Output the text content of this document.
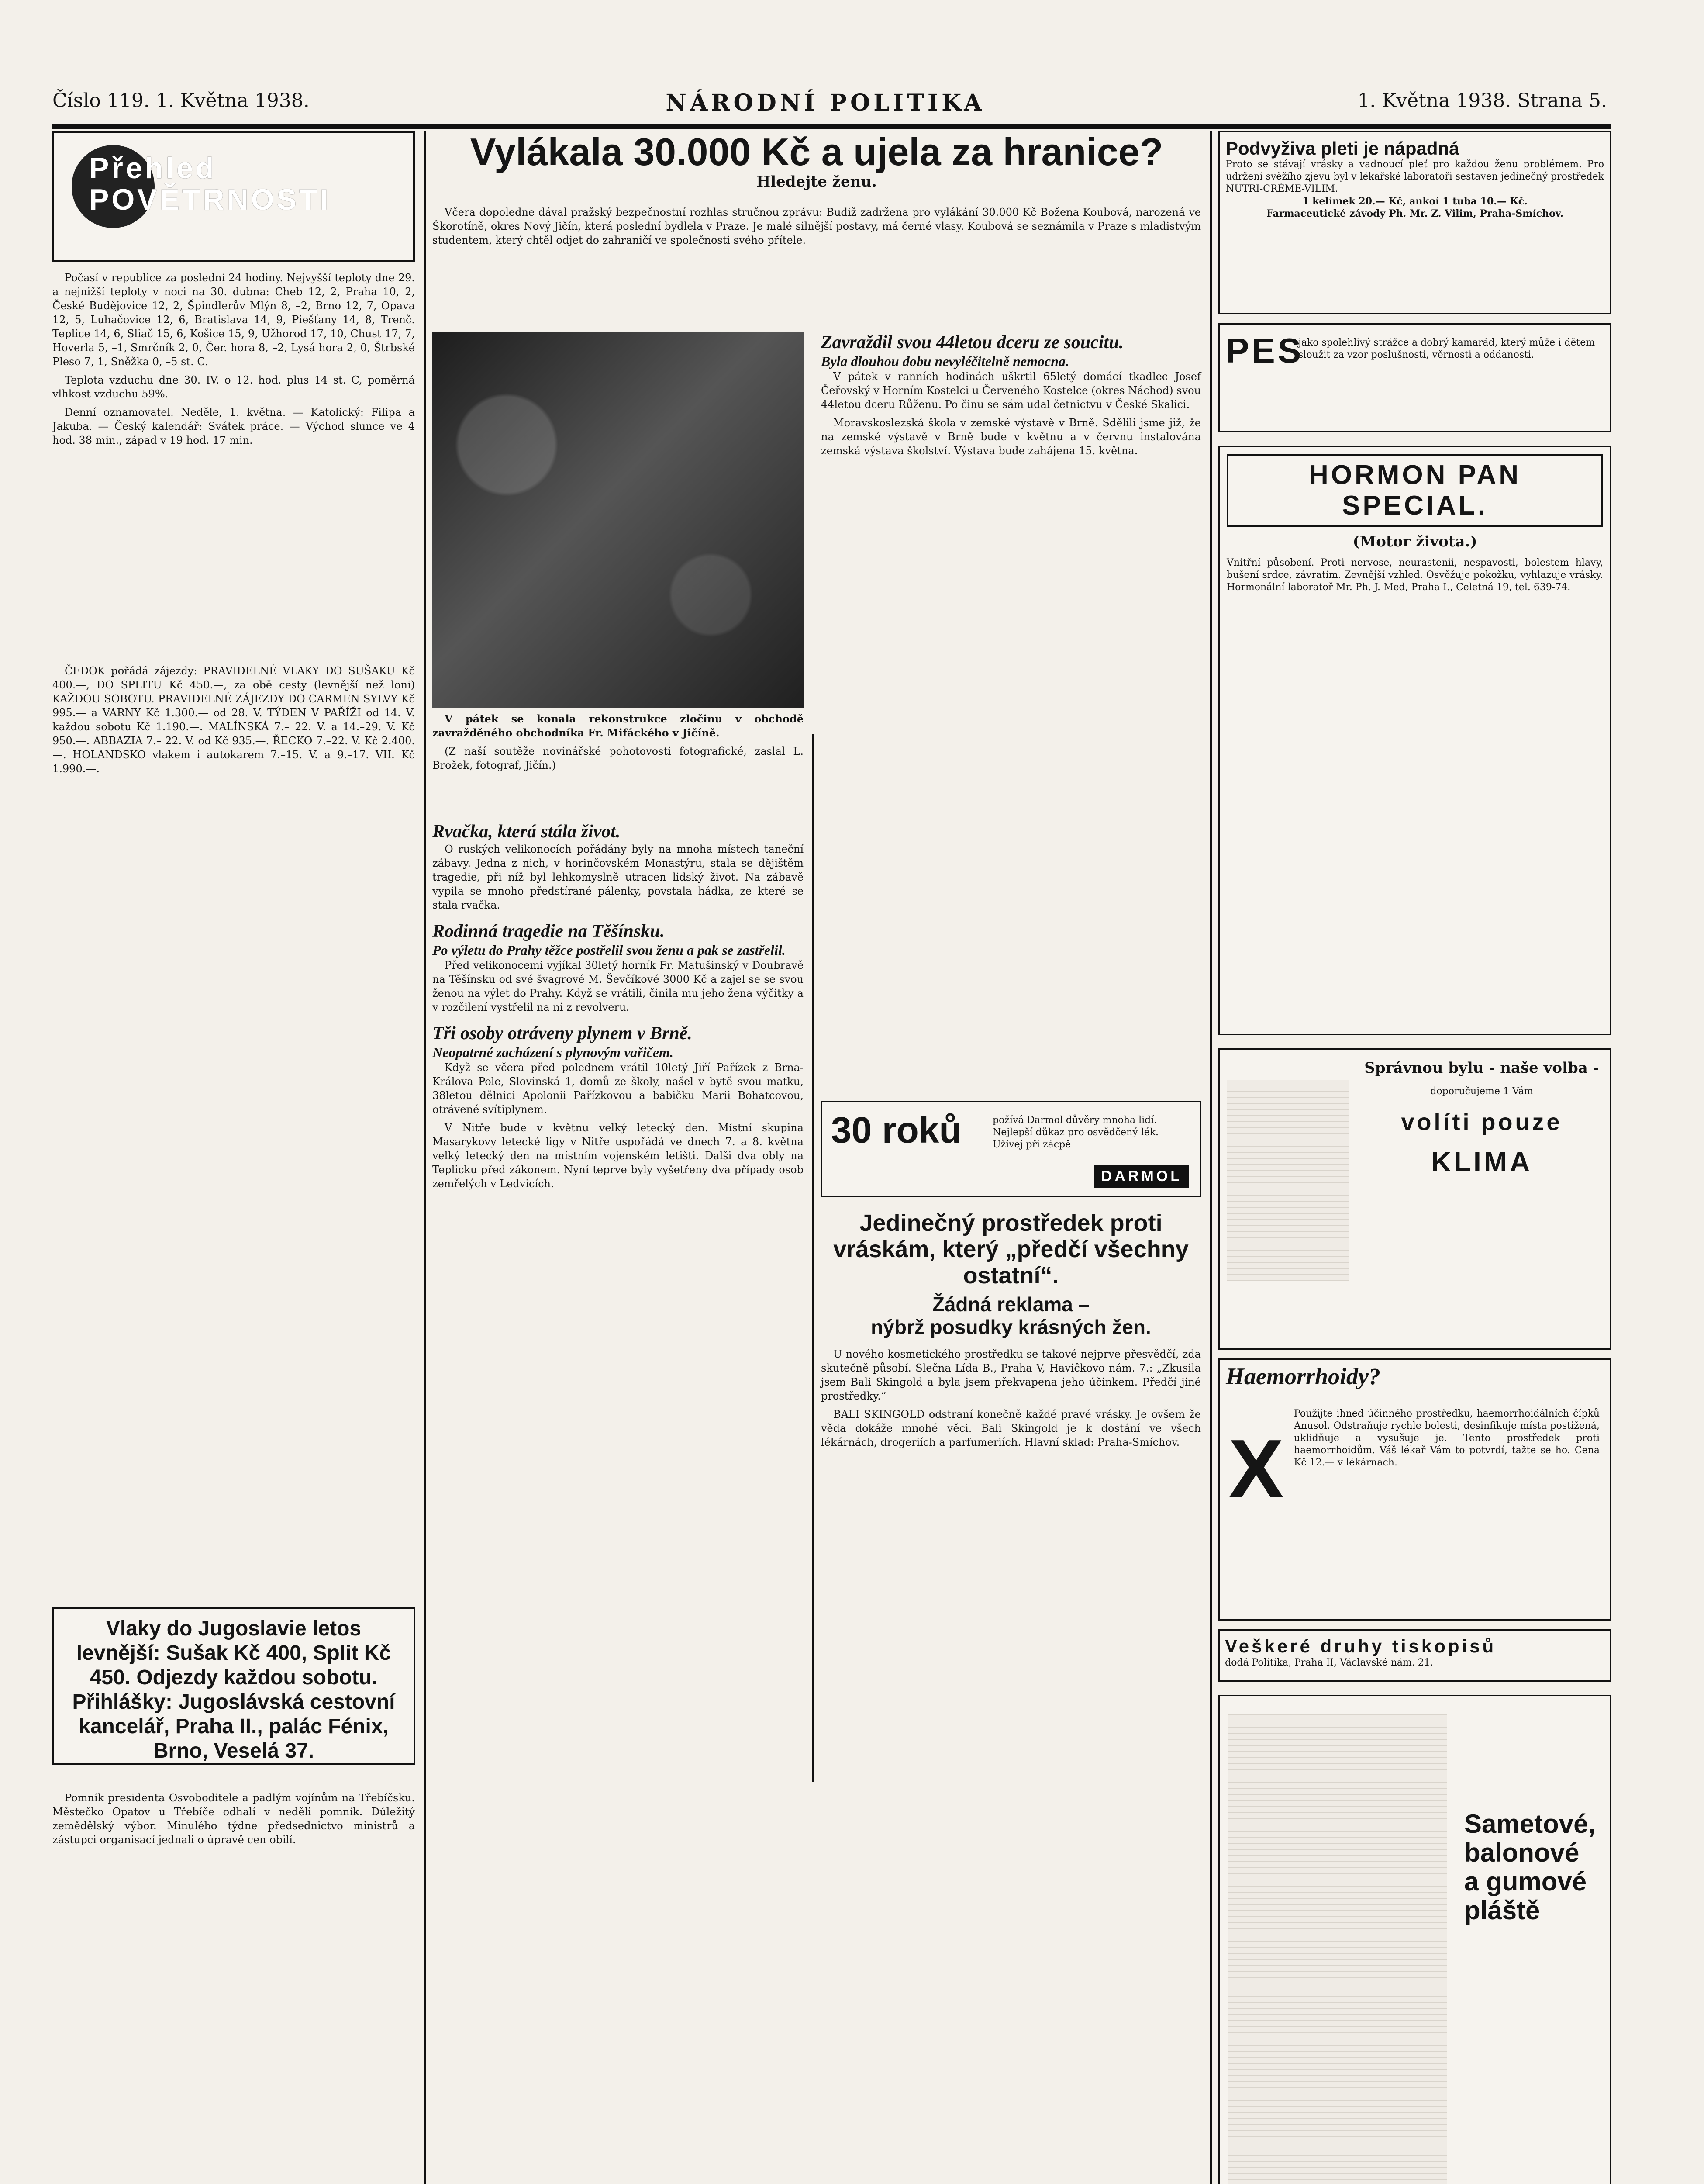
Číslo 119. 1. Května 1938.	NÁRODNÍ POLITIKA	1. Května 1938. Strana 5.
Přehled POVĚTRNOSTI

Počasí v republice za poslední 24 hodiny. Nejvyšší teploty dne 29. a nejnižší teploty v noci na 30. dubna: Cheb 12, 2, Praha 10, 2, České Budějovice 12, 2, Špindlerův Mlýn 8, –2, Brno 12, 7, Opava 12, 5, Luhačovice 12, 6, Bratislava 14, 9, Piešťany 14, 8, Trenč. Teplice 14, 6, Sliač 15, 6, Košice 15, 9, Užhorod 17, 10, Chust 17, 7, Hoverla 5, –1, Smrčník 2, 0, Čer. hora 8, –2, Lysá hora 2, 0, Štrbské Pleso 7, 1, Sněžka 0, –5 st. C.

Teplota vzduchu dne 30. IV. o 12. hod. plus 14 st. C, poměrná vlhkost vzduchu 59%.

Denní oznamovatel. Neděle, 1. května. — Katolický: Filipa a Jakuba. — Český kalendář: Svátek práce. — Východ slunce ve 4 hod. 38 min., západ v 19 hod. 17 min.

ČEDOK pořádá zájezdy: PRAVIDELNÉ VLAKY DO SUŠAKU Kč 400.—, DO SPLITU Kč 450.—, za obě cesty (levnější než loni) KAŽDOU SOBOTU. PRAVIDELNÉ ZÁJEZDY DO CARMEN SYLVY Kč 995.— a VARNY Kč 1.300.— od 28. V. TÝDEN V PAŘÍŽI od 14. V. každou sobotu Kč 1.190.—. MALÍNSKÁ 7.– 22. V. a 14.–29. V. Kč 950.—. ABBAZIA 7.– 22. V. od Kč 935.—. ŘECKO 7.–22. V. Kč 2.400.—. HOLANDSKO vlakem i autokarem 7.–15. V. a 9.–17. VII. Kč 1.990.—.

Vlaky do Jugoslavie letos levnější: Sušak Kč 400, Split Kč 450. Odjezdy každou sobotu. Přihlášky: Jugoslávská cestovní kancelář, Praha II., palác Fénix, Brno, Veselá 37.

Pomník presidenta Osvoboditele a padlým vojínům na Třebíčsku. Městečko Opatov u Třebíče odhalí v neděli pomník. Dúležitý zemědělský výbor. Minulého týdne předsednictvo ministrů a zástupci organisací jednali o úpravě cen obilí.

Vylákala 30.000 Kč a ujela za hranice?
Hledejte ženu.

Včera dopoledne dával pražský bezpečnostní rozhlas stručnou zprávu: Budiž zadržena pro vylákání 30.000 Kč Božena Koubová, narozená ve Škorotíně, okres Nový Jičín, která poslední bydlela v Praze. Je malé silnější postavy, má černé vlasy. Koubová se seznámila v Praze s mladistvým studentem, který chtěl odjet do zahraničí ve společnosti svého přítele.

V pátek se konala rekonstrukce zločinu v obchodě zavražděného obchodníka Fr. Mifáckého v Jičíně.

(Z naší soutěže novinářské pohotovosti fotografické, zaslal L. Brožek, fotograf, Jičín.)

Rvačka, která stála život.

O ruských velikonocích pořádány byly na mnoha místech taneční zábavy. Jedna z nich, v horinčovském Monastýru, stala se dějištěm tragedie, při níž byl lehkomyslně utracen lidský život. Na zábavě vypila se mnoho předstírané pálenky, povstala hádka, ze které se stala rvačka.

Rodinná tragedie na Těšínsku.
Po výletu do Prahy těžce postřelil svou ženu a pak se zastřelil.

Před velikonocemi vyjíkal 30letý horník Fr. Matušinský v Doubravě na Těšínsku od své švagrové M. Ševčíkové 3000 Kč a zajel se se svou ženou na výlet do Prahy. Když se vrátili, činila mu jeho žena výčitky a v rozčilení vystřelil na ni z revolveru.

Tři osoby otráveny plynem v Brně.
Neopatrné zacházení s plynovým vařičem.

Když se včera před polednem vrátil 10letý Jiří Pařízek z Brna-Králova Pole, Slovinská 1, domů ze školy, našel v bytě svou matku, 38letou dělnici Apolonii Pařízkovou a babičku Marii Bohatcovou, otrávené svítiplynem.

V Nitře bude v květnu velký letecký den. Místní skupina Masarykovy letecké ligy v Nitře uspořádá ve dnech 7. a 8. května velký letecký den na místním vojenském letišti. Dalši dva obly na Teplicku před zákonem. Nyní teprve byly vyšetřeny dva případy osob zemřelých v Ledvicích.

Zavraždil svou 44letou dceru ze soucitu.
Byla dlouhou dobu nevyléčitelně nemocna.

V pátek v ranních hodinách uškrtil 65letý domácí tkadlec Josef Čeřovský v Horním Kostelci u Červeného Kostelce (okres Náchod) svou 44letou dceru Růženu. Po činu se sám udal četnictvu v České Skalici.

Moravskoslezská škola v zemské výstavě v Brně. Sdělili jsme již, že na zemské výstavě v Brně bude v květnu a v červnu instalována zemská výstava školství. Výstava bude zahájena 15. května.

30 roků	požívá Darmol důvěry mnoha lidí. Nejlepší důkaz pro osvědčený lék. Užívej při zácpě
DARMOL
Jedinečný prostředek proti vráskám, který „předčí všechny ostatní“.
Žádná reklama –
nýbrž posudky krásných žen.

U nového kosmetického prostředku se takové nejprve přesvědčí, zda skutečně působí. Slečna Lída B., Praha V, Haviĉkovo nám. 7.: „Zkusila jsem Bali Skingold a byla jsem překvapena jeho účinkem. Předčí jiné prostředky.“

BALI SKINGOLD odstraní konečně každé pravé vrásky. Je ovšem že věda dokáže mnohé věci. Bali Skingold je k dostání ve všech lékárnách, drogeriích a parfumeriích. Hlavní sklad: Praha-Smíchov.

Podvyživa pleti je nápadná
Proto se stávají vrásky a vadnoucí pleť pro každou ženu problémem. Pro udržení svěžího zjevu byl v lékařské laboratoři sestaven jedinečný prostředek NUTRI-CRÈME-VILIM.
1 kelímek 20.— Kč, ankoí 1 tuba 10.— Kč.
Farmaceutické závody Ph. Mr. Z. Vilim, Praha-Smíchov.
PES
jako spolehlivý strážce a dobrý kamarád, který může i dětem sloužit za vzor poslušnosti, věrnosti a oddanosti.
HORMON PAN SPECIAL.
(Motor života.)
Vnitřní působení. Proti nervose, neurastenii, nespavosti, bolestem hlavy, bušení srdce, závratím. Zevnější vzhled. Osvěžuje pokožku, vyhlazuje vrásky. Hormonální laboratoř Mr. Ph. J. Med, Praha I., Celetná 19, tel. 639-74.
Správnou bylu - naše volba -
doporučujeme 1 Vám
volíti pouze
KLIMA
Haemorrhoidy?
X
Použijte ihned účinného prostředku, haemorrhoidálních čípků Anusol. Odstraňuje rychle bolesti, desinfikuje místa postižená, uklidňuje a vysušuje je. Tento prostředek proti haemorrhoidům. Váš lékař Vám to potvrdí, tažte se ho. Cena Kč 12.— v lékárnách.
Veškeré druhy tiskopisů
dodá Politika, Praha II, Václavské nám. 21.
Sametové, balonové a gumové pláště
